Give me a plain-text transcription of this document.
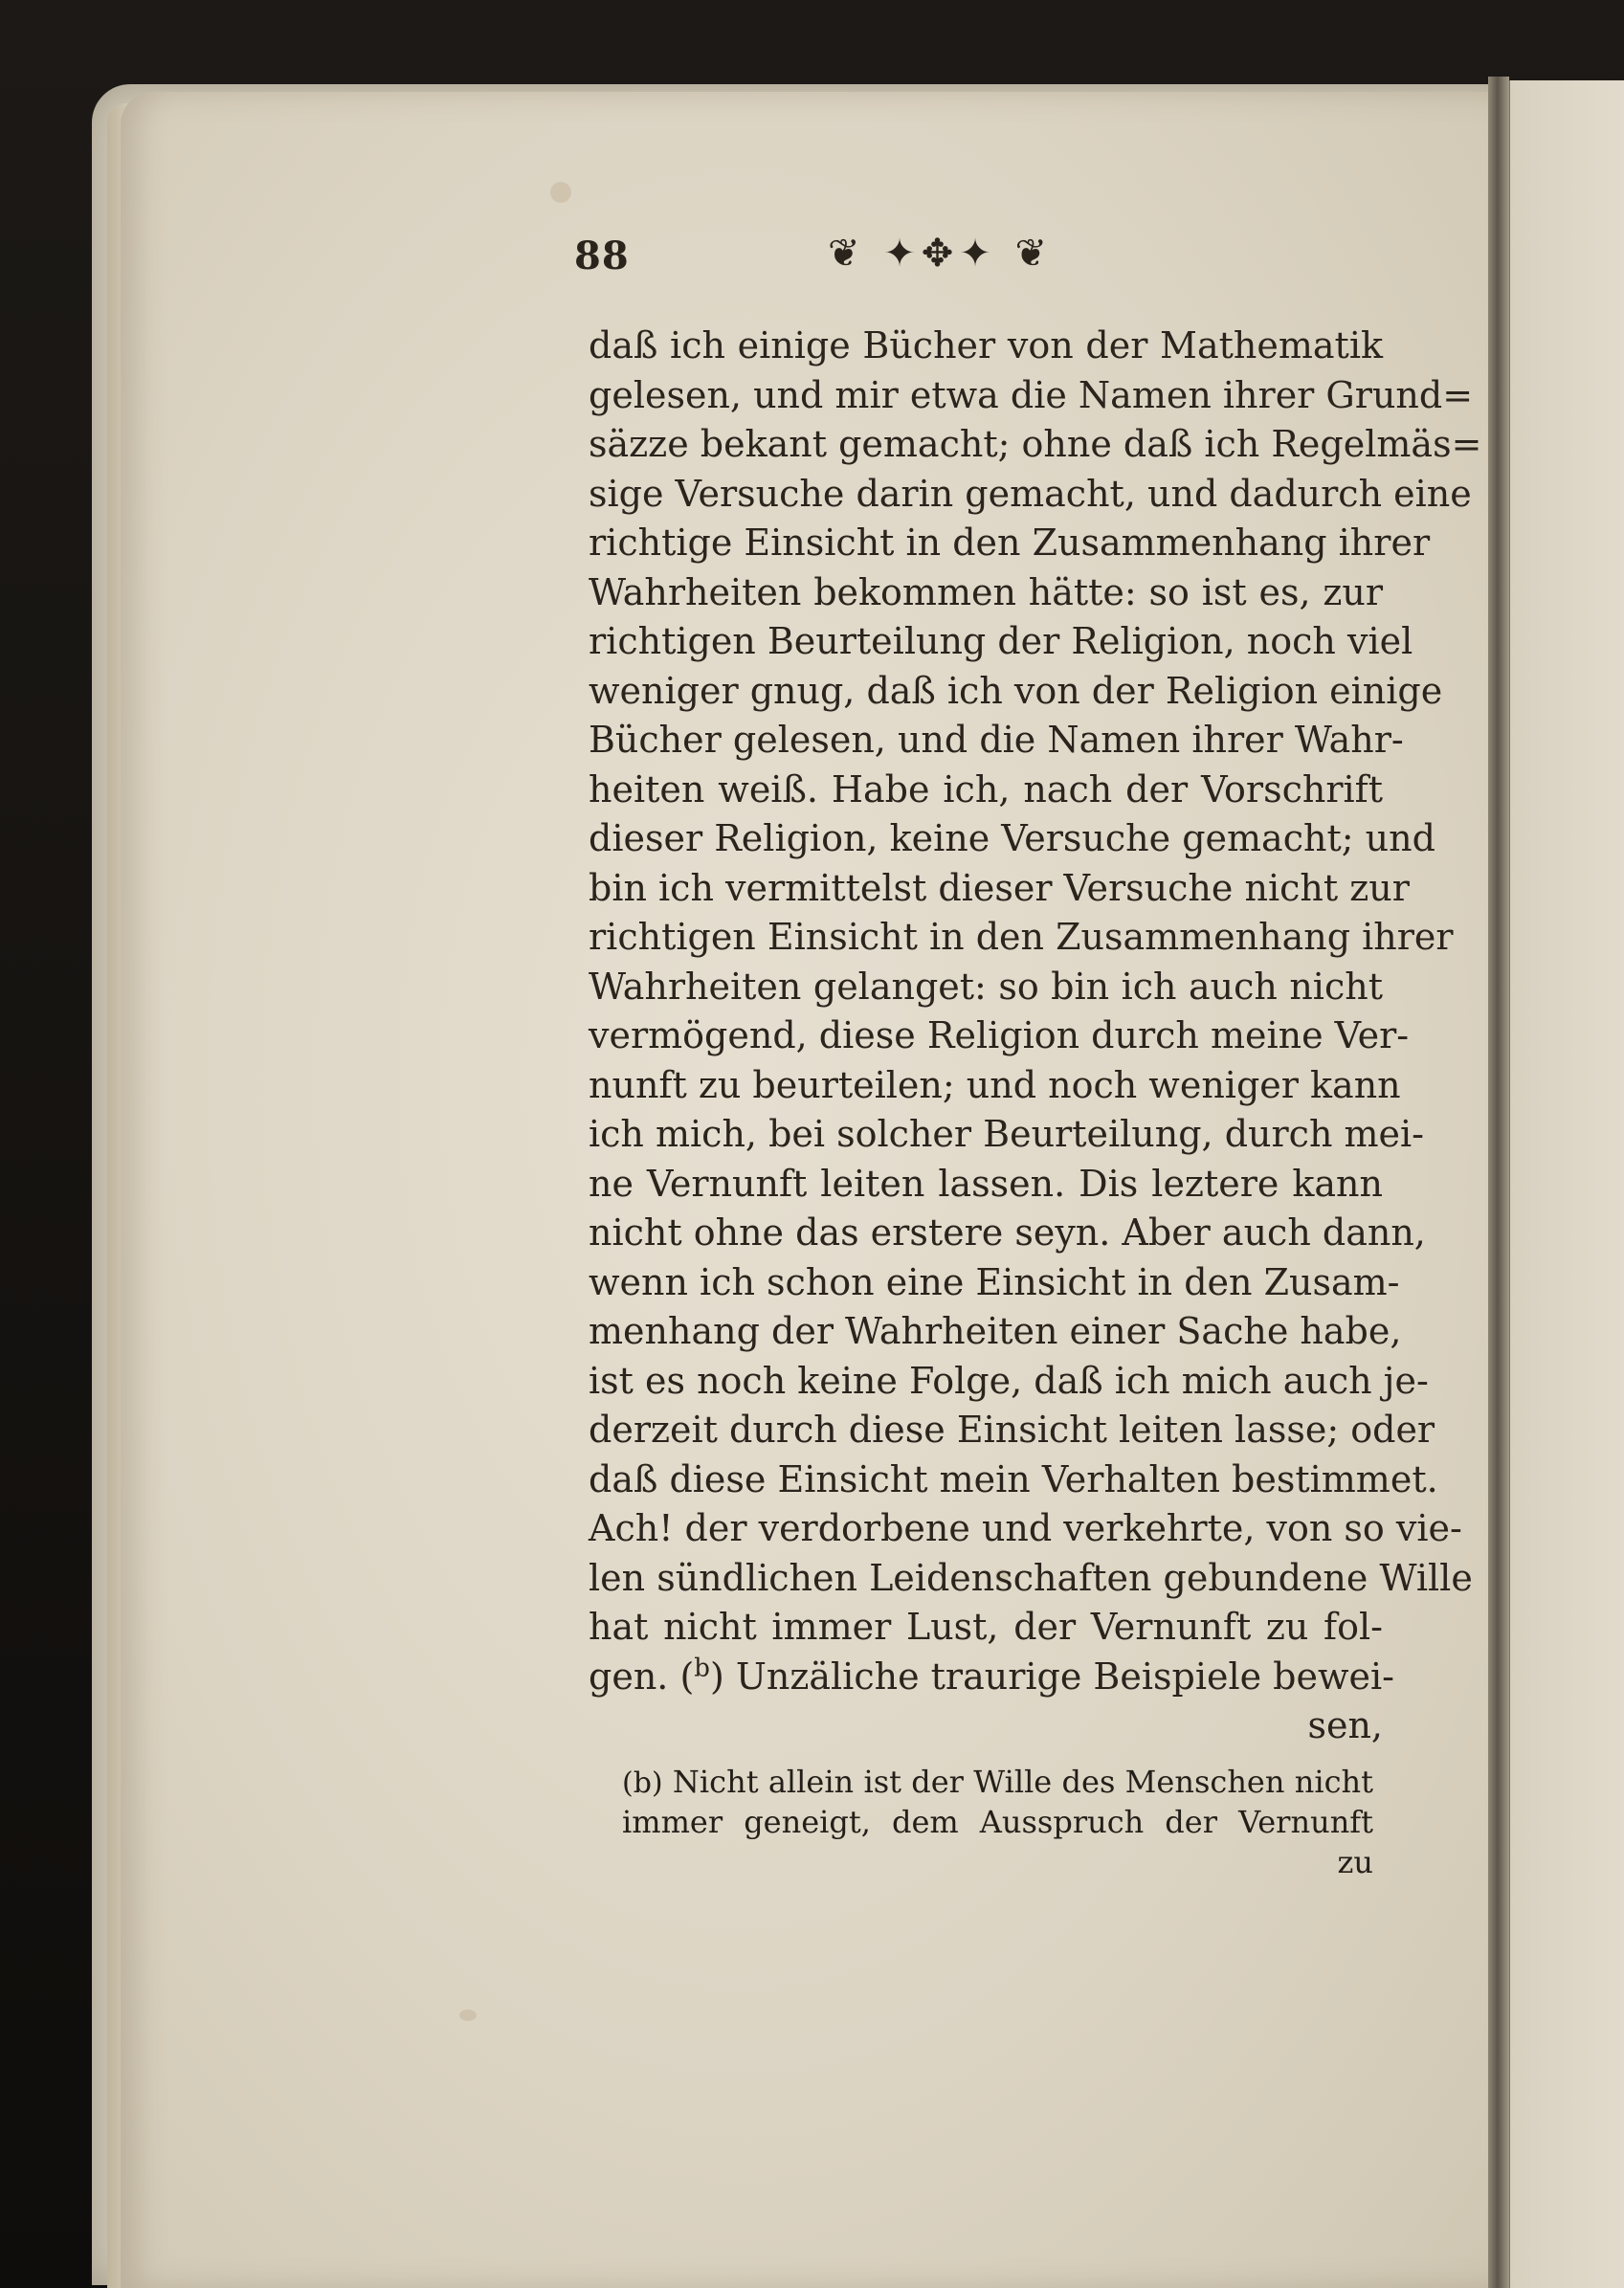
88	❦ ✦✥✦ ❦
daß ich einige Bücher von der Mathematik
gelesen, und mir etwa die Namen ihrer Grund=
säzze bekant gemacht; ohne daß ich Regelmäs=
sige Versuche darin gemacht, und dadurch eine
richtige Einsicht in den Zusammenhang ihrer
Wahrheiten bekommen hätte: so ist es, zur
richtigen Beurteilung der Religion, noch viel
weniger gnug, daß ich von der Religion einige
Bücher gelesen, und die Namen ihrer Wahr-
heiten weiß. Habe ich, nach der Vorschrift
dieser Religion, keine Versuche gemacht; und
bin ich vermittelst dieser Versuche nicht zur
richtigen Einsicht in den Zusammenhang ihrer
Wahrheiten gelanget: so bin ich auch nicht
vermögend, diese Religion durch meine Ver-
nunft zu beurteilen; und noch weniger kann
ich mich, bei solcher Beurteilung, durch mei-
ne Vernunft leiten lassen. Dis leztere kann
nicht ohne das erstere seyn. Aber auch dann,
wenn ich schon eine Einsicht in den Zusam-
menhang der Wahrheiten einer Sache habe,
ist es noch keine Folge, daß ich mich auch je-
derzeit durch diese Einsicht leiten lasse; oder
daß diese Einsicht mein Verhalten bestimmet.
Ach! der verdorbene und verkehrte, von so vie-
len sündlichen Leidenschaften gebundene Wille
hat nicht immer Lust, der Vernunft zu fol-
gen. ($^b$) Unzäliche traurige Beispiele bewei-
sen,
(b) Nicht allein ist der Wille des Menschen nicht
immer geneigt, dem Ausspruch der Vernunft
zu
